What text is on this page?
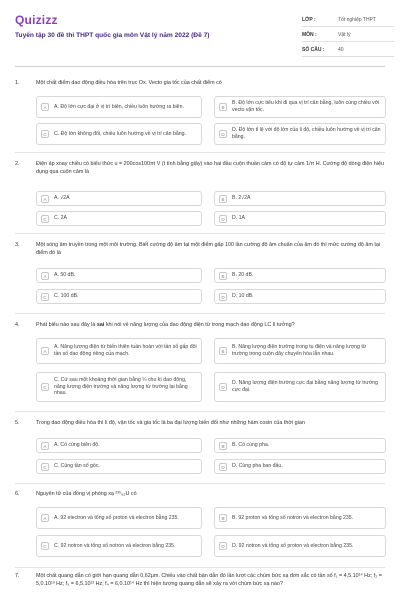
Quizizz
Tuyển tập 30 đề thi THPT quốc gia môn Vật lý năm 2022 (Đề 7)
LỚP :	Tốt nghiệp THPT
MÔN :	Vật lý
SỐ CÂU :	40
1.	Một chất điểm dao động điều hòa trên trục Ox. Vecto gia tốc của chất điểm có
A	A. Độ lớn cực đại ở vị trí biên, chiều luôn hướng ra biên.	B
B. Độ lớn cực tiểu khi đi qua vị trí cân bằng, luôn cùng chiều với vecto vận tốc.
C	C. Độ lớn không đổi, chiều luôn hướng về vị trí cân bằng.	D
D. Độ lớn tỉ lệ với độ lớn của li độ, chiều luôn hướng về vị trí cân bằng.
2.	Điện áp xoay chiều có biểu thức u = 200cos100πt V (t tính bằng giây) vào hai đầu cuộn thuần cảm có độ tự cảm 1/π H. Cường độ dòng điện hiệu dụng qua cuộn cảm là
A	A. √2A	B	B. 2√2A
C	C. 2A	D	D. 1A
3.	Một sóng âm truyền trong một môi trường. Biết cường độ âm tại một điểm gấp 100 lần cường độ âm chuẩn của âm đó thì mức cường độ âm tại điểm đó là
A	A. 50 dB.	B	B. 20 dB.
C	C. 100 dB.	D	D. 10 dB.
4.	Phát biểu nào sau đây là sai khi nói về năng lượng của dao động điện từ trong mạch dao động LC lí tưởng?
A
A. Năng lượng điện từ biến thiên tuần hoàn với tần số gấp đôi tần số dao động riêng của mạch.	B
B. Năng lượng điện trường trong tụ điện và năng lượng từ trường trong cuộn dây chuyển hóa lẫn nhau.
C
C. Cứ sau một khoảng thời gian bằng ¼ chu kì dao động, năng lượng điện trường và năng lượng từ trường lại bằng nhau.
D
D. Năng lượng điện trường cực đại bằng năng lượng từ trường cực đại.
5.	Trong dao động điều hòa thì li độ, vận tốc và gia tốc là ba đại lượng biến đổi như những hàm cosin của thời gian
A	A. Có cùng biên độ.	B	B. Có cùng pha.
C	C. Cùng tần số góc.	D	D. Cùng pha ban đầu.
6.	Nguyên tử của đồng vị phóng xạ ²³⁵₉₂U có
A	A. 92 electron và tổng số proton và electron bằng 235.	B	B. 92 proton và tổng số notron và electron bằng 235.
C	C. 92 notron và tổng số notron và electron bằng 235.	D	D. 92 notron và tổng số proton và electron bằng 235.
7.	Một chất quang dẫn có giới hạn quang dẫn 0,62μm. Chiếu vào chất bán dẫn đó lần lượt các chùm bức xạ đơn sắc có tần số f₁ = 4,5.10¹⁴ Hz; f₂ = 5,0.10¹³ Hz; f₃ = 6,5.10¹³ Hz; f₄ = 6,0.10¹⁴ Hz thì hiện tượng quang dẫn sẽ xảy ra với chùm bức xạ nào?
